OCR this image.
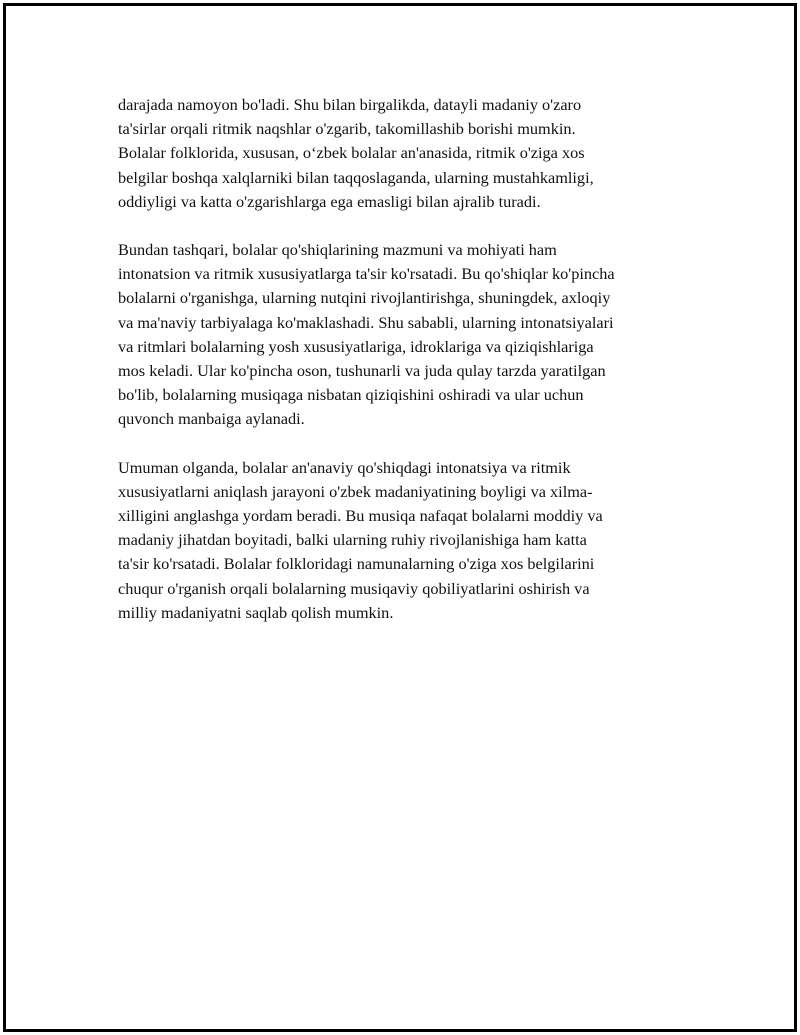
darajada namoyon bo'ladi. Shu bilan birgalikda, datayli madaniy o'zaro
ta'sirlar orqali ritmik naqshlar o'zgarib, takomillashib borishi mumkin.
Bolalar folklorida, xususan, o‘zbek bolalar an'anasida, ritmik o'ziga xos
belgilar boshqa xalqlarniki bilan taqqoslaganda, ularning mustahkamligi,
oddiyligi va katta o'zgarishlarga ega emasligi bilan ajralib turadi.

Bundan tashqari, bolalar qo'shiqlarining mazmuni va mohiyati ham
intonatsion va ritmik xususiyatlarga ta'sir ko'rsatadi. Bu qo'shiqlar ko'pincha
bolalarni o'rganishga, ularning nutqini rivojlantirishga, shuningdek, axloqiy
va ma'naviy tarbiyalaga ko'maklashadi. Shu sababli, ularning intonatsiyalari
va ritmlari bolalarning yosh xususiyatlariga, idroklariga va qiziqishlariga
mos keladi. Ular ko'pincha oson, tushunarli va juda qulay tarzda yaratilgan
bo'lib, bolalarning musiqaga nisbatan qiziqishini oshiradi va ular uchun
quvonch manbaiga aylanadi.

Umuman olganda, bolalar an'anaviy qo'shiqdagi intonatsiya va ritmik
xususiyatlarni aniqlash jarayoni o'zbek madaniyatining boyligi va xilma-
xilligini anglashga yordam beradi. Bu musiqa nafaqat bolalarni moddiy va
madaniy jihatdan boyitadi, balki ularning ruhiy rivojlanishiga ham katta
ta'sir ko'rsatadi. Bolalar folkloridagi namunalarning o'ziga xos belgilarini
chuqur o'rganish orqali bolalarning musiqaviy qobiliyatlarini oshirish va
milliy madaniyatni saqlab qolish mumkin.
